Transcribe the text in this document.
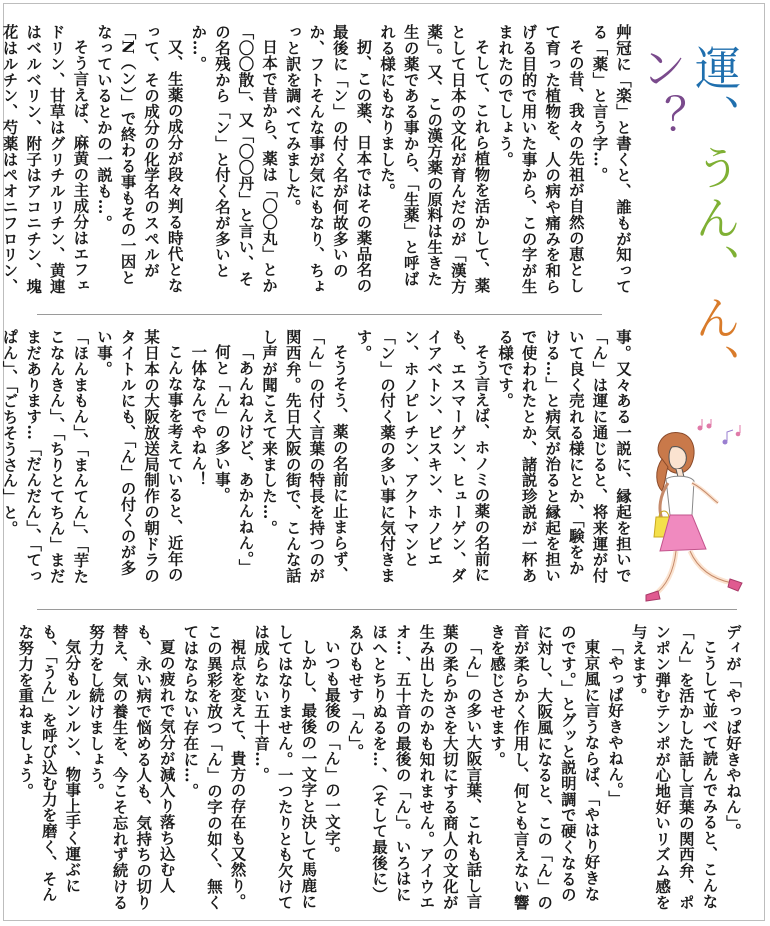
運、うん、ん、ン？

艸冠に「楽」と書くと、誰もが知ってる「薬」と言う字…。

その昔、我々の先祖が自然の恵として育った植物を、人の病や痛みを和らげる目的で用いた事から、この字が生まれたのでしょう。

そして、これら植物を活かして、薬として日本の文化が育んだのが「漢方薬」。又、この漢方薬の原料は生きた生の薬である事から、「生薬」と呼ばれる様にもなりました。

扨、この薬、日本ではその薬品名の最後に「ン」の付く名が何故多いのか、フトそんな事が気にもなり、ちょっと訳を調べてみました。

日本で昔から、薬は「〇〇丸」とか「〇〇散」、又「〇〇丹」と言い、その名残から「ン」と付く名が多いとか…。

又、生薬の成分が段々判る時代となって、その成分の化学名のスペルが「N（ン）」で終わる事もその一因となっているとかの一説も…。

そう言えば、麻黄の主成分はエフェドリン、甘草はグリチルリチン、黄連はベルベリン、附子はアコニチン、塊花はルチン、芍薬はペオニフロリン、

事。又々ある一説に、縁起を担いで「ん」は運に通じると、将来運が付いて良く売れる様にとか、「験をかける…」と病気が治ると縁起を担いで使われたとか、諸説珍説が一杯ある様です。

そう言えば、ホノミの薬の名前にも、エスマーゲン、ヒューゲン、ダイアベトン、ビスキン、ホノビエン、ホノピレチン、アクトマンと「ン」の付く薬の多い事に気付きます。

そうそう、薬の名前に止まらず、「ん」の付く言葉の特長を持つのが関西弁。先日大阪の街で、こんな話し声が聞こえて来ました…。

「あんねんけど、あかんねん。」

何と「ん」の多い事。

一体なんでやねん！

こんな事を考えていると、近年の某日本の大阪放送局制作の朝ドラのタイトルにも、「ん」の付くのが多い事。

「ほんまもん」、「まんてん」、「芋たこなんきん」、「ちりとてちん」まだまだあります…「だんだん」、「てっぱん」、「ごちそうさん」と。

ディが「やっぱ好きやねん」。

こうして並べて読んでみると、こんな「ん」を活かした話し言葉の関西弁、ポンポン弾むテンポが心地好いリズム感を与えます。

「やっぱ好きやねん。」

東京風に言うならば、「やはり好きなのです。」とグッと説明調で硬くなるのに対し、大阪風になると、この「ん」の音が柔らかく作用し、何とも言えない響きを感じさせます。

「ん」の多い大阪言葉、これも話し言葉の柔らかさを大切にする商人の文化が生み出したのかも知れません。アイウエオ…、五十音の最後の「ん」。いろはにほへとちりぬるを…、（そして最後に）ゑひもせす「ん」。

いつも最後の「ん」の一文字。

しかし、最後の一文字と決して馬鹿にしてはなりません。一つたりとも欠けては成らない五十音…。

視点を変えて、貴方の存在も又然り。この異彩を放つ「ん」の字の如く、無くてはならない存在に…。

夏の疲れで気分が減入り落ち込む人も、永い病で悩める人も、気持ちの切り替え、気の養生を、今こそ忘れず続ける努力をし続けましょう。

気分もルンルン、物事上手く運ぶにも、「うん」を呼び込む力を磨く、そんな努力を重ねましょう。
